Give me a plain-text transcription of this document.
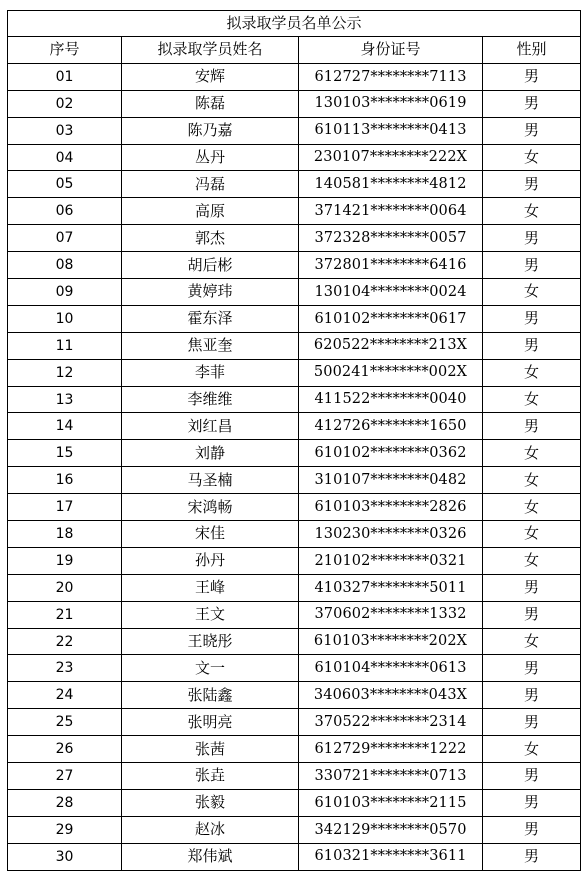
拟录取学员名单公示			
序号	拟录取学员姓名	身份证号	性别
01	安辉	612727********7113	男
02	陈磊	130103********0619	男
03	陈乃嘉	610113********0413	男
04	丛丹	230107********222X	女
05	冯磊	140581********4812	男
06	高原	371421********0064	女
07	郭杰	372328********0057	男
08	胡后彬	372801********6416	男
09	黄婷玮	130104********0024	女
10	霍东泽	610102********0617	男
11	焦亚奎	620522********213X	男
12	李菲	500241********002X	女
13	李维维	411522********0040	女
14	刘红昌	412726********1650	男
15	刘静	610102********0362	女
16	马圣楠	310107********0482	女
17	宋鸿畅	610103********2826	女
18	宋佳	130230********0326	女
19	孙丹	210102********0321	女
20	王峰	410327********5011	男
21	王文	370602********1332	男
22	王晓彤	610103********202X	女
23	文一	610104********0613	男
24	张陆鑫	340603********043X	男
25	张明亮	370522********2314	男
26	张茜	612729********1222	女
27	张垚	330721********0713	男
28	张毅	610103********2115	男
29	赵冰	342129********0570	男
30	郑伟斌	610321********3611	男
